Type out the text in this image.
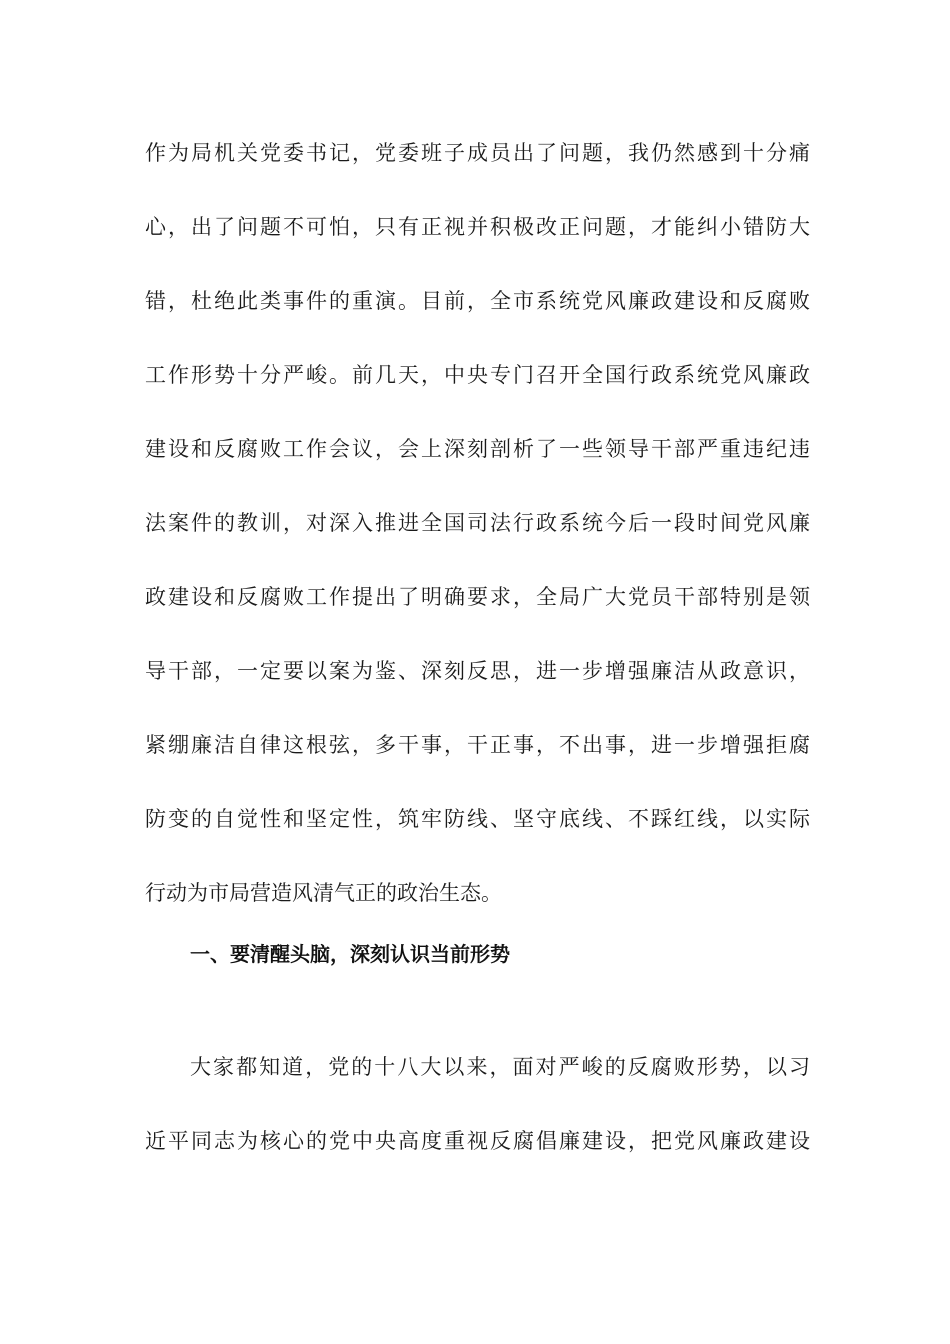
作为局机关党委书记，党委班子成员出了问题，我仍然感到十分痛
心，出了问题不可怕，只有正视并积极改正问题，才能纠小错防大
错，杜绝此类事件的重演。目前，全市系统党风廉政建设和反腐败
工作形势十分严峻。前几天，中央专门召开全国行政系统党风廉政
建设和反腐败工作会议，会上深刻剖析了一些领导干部严重违纪违
法案件的教训，对深入推进全国司法行政系统今后一段时间党风廉
政建设和反腐败工作提出了明确要求，全局广大党员干部特别是领
导干部，一定要以案为鉴、深刻反思，进一步增强廉洁从政意识，
紧绷廉洁自律这根弦，多干事，干正事，不出事，进一步增强拒腐
防变的自觉性和坚定性，筑牢防线、坚守底线、不踩红线，以实际
行动为市局营造风清气正的政治生态。
一、要清醒头脑，深刻认识当前形势
大家都知道，党的十八大以来，面对严峻的反腐败形势，以习
近平同志为核心的党中央高度重视反腐倡廉建设，把党风廉政建设
